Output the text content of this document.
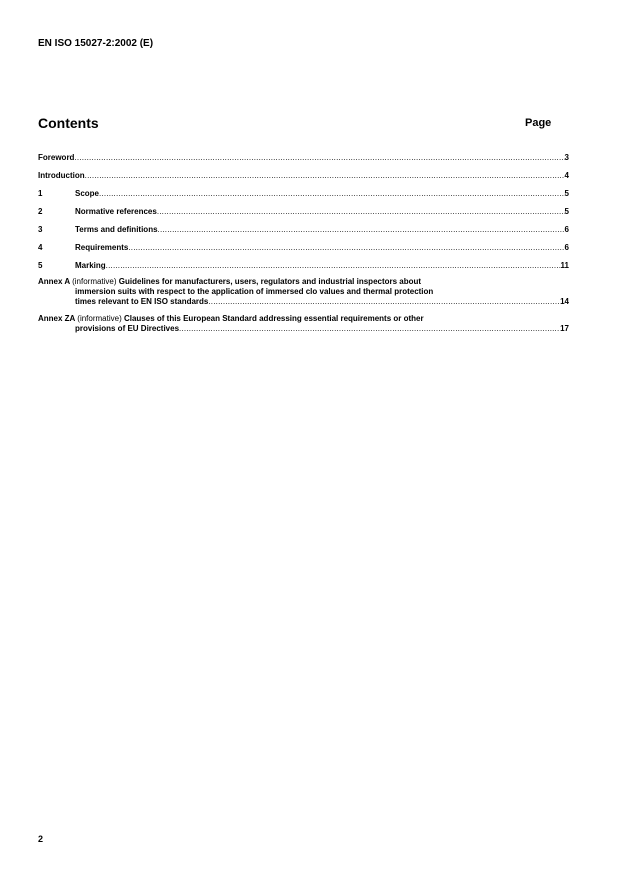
EN ISO 15027-2:2002 (E)
Contents	Page
Foreword .....	3
Introduction .....	4
1	Scope .....	5
2	Normative references .....	5
3	Terms and definitions .....	6
4	Requirements .....	6
5	Marking .....	11
Annex A (informative) Guidelines for manufacturers, users, regulators and industrial inspectors about
immersion suits with respect to the application of immersed clo values and thermal protection
times relevant to EN ISO standards .....	14
Annex ZA (informative) Clauses of this European Standard addressing essential requirements or other
provisions of EU Directives .....	17
2
